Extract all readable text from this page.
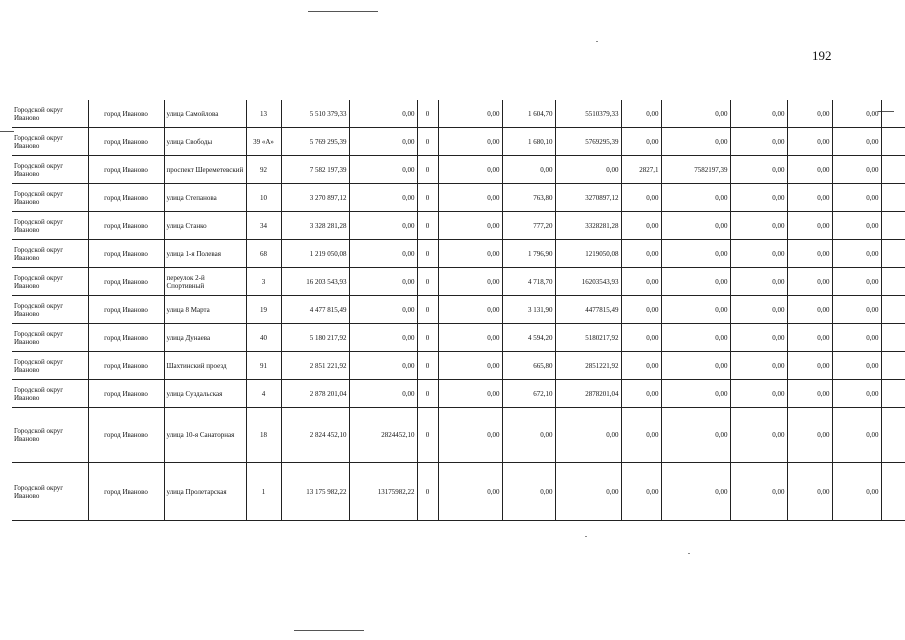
192
Городской округ Иваново	город Иваново	улица Самойлова	13	5 510 379,33	0,00	0	0,00	1 604,70	5510379,33	0,00	0,00	0,00	0,00	0,00	
Городской округ Иваново	город Иваново	улица Свободы	39 «А»	5 769 295,39	0,00	0	0,00	1 680,10	5769295,39	0,00	0,00	0,00	0,00	0,00	
Городской округ Иваново	город Иваново	проспект Шереметевский	92	7 582 197,39	0,00	0	0,00	0,00	0,00	2827,1	7582197,39	0,00	0,00	0,00	
Городской округ Иваново	город Иваново	улица Степанова	10	3 270 897,12	0,00	0	0,00	763,80	3270897,12	0,00	0,00	0,00	0,00	0,00	
Городской округ Иваново	город Иваново	улица Станко	34	3 328 281,28	0,00	0	0,00	777,20	3328281,28	0,00	0,00	0,00	0,00	0,00	
Городской округ Иваново	город Иваново	улица 1-я Полевая	68	1 219 050,08	0,00	0	0,00	1 796,90	1219050,08	0,00	0,00	0,00	0,00	0,00	
Городской округ Иваново	город Иваново	переулок 2-й Спортивный	3	16 203 543,93	0,00	0	0,00	4 718,70	16203543,93	0,00	0,00	0,00	0,00	0,00	
Городской округ Иваново	город Иваново	улица 8 Марта	19	4 477 815,49	0,00	0	0,00	3 131,90	4477815,49	0,00	0,00	0,00	0,00	0,00	
Городской округ Иваново	город Иваново	улица Дунаева	40	5 180 217,92	0,00	0	0,00	4 594,20	5180217,92	0,00	0,00	0,00	0,00	0,00	
Городской округ Иваново	город Иваново	Шахтинский проезд	91	2 851 221,92	0,00	0	0,00	665,80	2851221,92	0,00	0,00	0,00	0,00	0,00	
Городской округ Иваново	город Иваново	улица Суздальская	4	2 878 201,04	0,00	0	0,00	672,10	2878201,04	0,00	0,00	0,00	0,00	0,00	
Городской округ Иваново	город Иваново	улица 10-я Санаторная	18	2 824 452,10	2824452,10	0	0,00	0,00	0,00	0,00	0,00	0,00	0,00	0,00	
Городской округ Иваново	город Иваново	улица Пролетарская	1	13 175 982,22	13175982,22	0	0,00	0,00	0,00	0,00	0,00	0,00	0,00	0,00	
